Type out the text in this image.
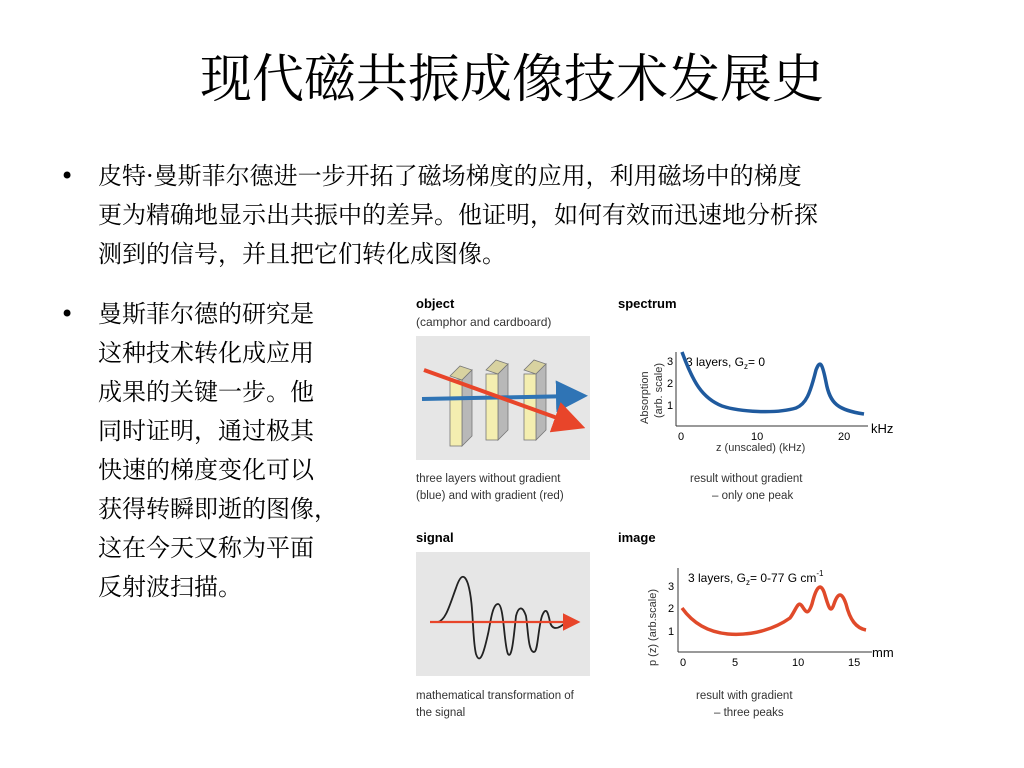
现代磁共振成像技术发展史
• 皮特·曼斯菲尔德进一步开拓了磁场梯度的应用，利用磁场中的梯度
更为精确地显示出共振中的差异。他证明，如何有效而迅速地分析探
测到的信号，并且把它们转化成图像。
• 曼斯菲尔德的研究是
这种技术转化成应用
成果的关键一步。他
同时证明，通过极其
快速的梯度变化可以
获得转瞬即逝的图像，
这在今天又称为平面
反射波扫描。
object
(camphor and cardboard)
three layers without gradient
(blue) and with gradient (red)
spectrum
Absorption (arb. scale)
3
2
1
3 layers, $G_z= 0$
0	10	20
kHz
z (unscaled) (kHz)
result without gradient
– only one peak
signal
mathematical transformation of
the signal
image
p (z) (arb.scale)
3
2
1
3 layers, $G_z= 0-77$ G $cm^{-1}$
0	5	10	15
mm
result with gradient
– three peaks
